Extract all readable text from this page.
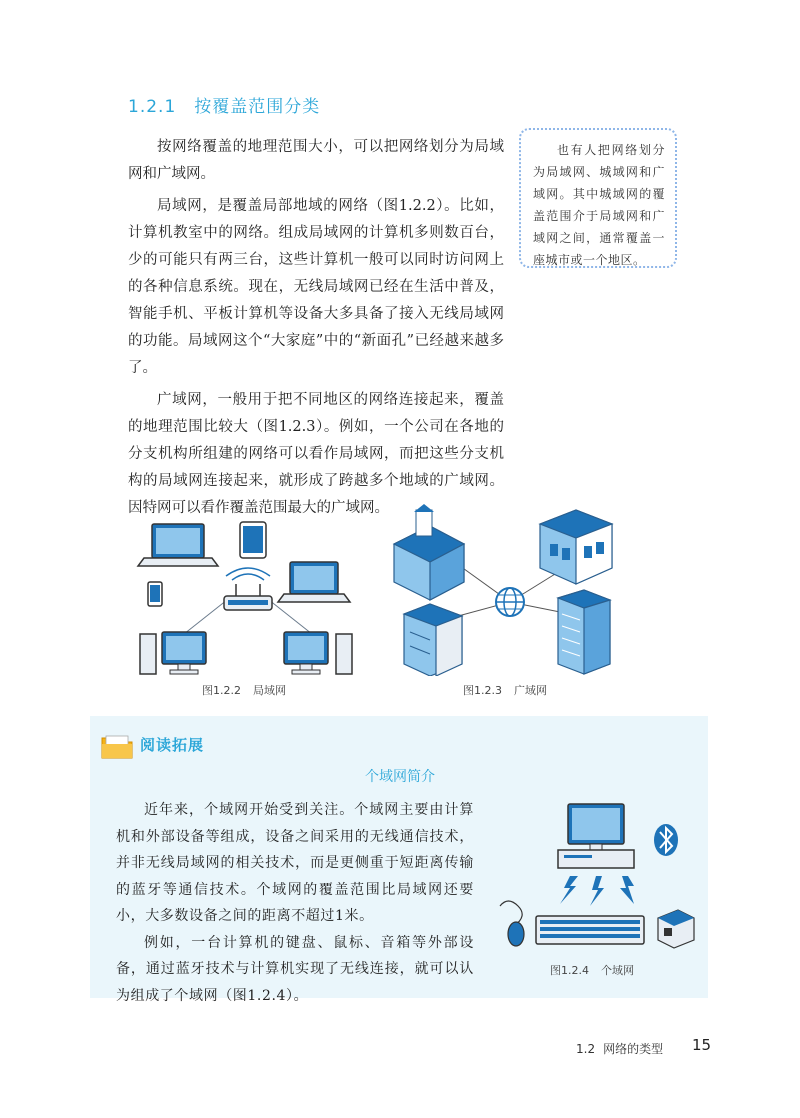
1.2.1 按覆盖范围分类

按网络覆盖的地理范围大小，可以把网络划分为局域网和广域网。

局域网，是覆盖局部地域的网络（图1.2.2）。比如，计算机教室中的网络。组成局域网的计算机多则数百台，少的可能只有两三台，这些计算机一般可以同时访问网上的各种信息系统。现在，无线局域网已经在生活中普及，智能手机、平板计算机等设备大多具备了接入无线局域网的功能。局域网这个“大家庭”中的“新面孔”已经越来越多了。

广域网，一般用于把不同地区的网络连接起来，覆盖的地理范围比较大（图1.2.3）。例如，一个公司在各地的分支机构所组建的网络可以看作局域网，而把这些分支机构的局域网连接起来，就形成了跨越多个地域的广域网。因特网可以看作覆盖范围最大的广域网。

也有人把网络划分为局域网、城域网和广域网。其中城域网的覆盖范围介于局域网和广域网之间，通常覆盖一座城市或一个地区。

图1.2.2 局域网	图1.2.3 广域网
阅读拓展
个域网简介

近年来，个域网开始受到关注。个域网主要由计算机和外部设备等组成，设备之间采用的无线通信技术，并非无线局域网的相关技术，而是更侧重于短距离传输的蓝牙等通信技术。个域网的覆盖范围比局域网还要小，大多数设备之间的距离不超过1米。

例如，一台计算机的键盘、鼠标、音箱等外部设备，通过蓝牙技术与计算机实现了无线连接，就可以认为组成了个域网（图1.2.4）。

图1.2.4 个域网
1.2 网络的类型 15
